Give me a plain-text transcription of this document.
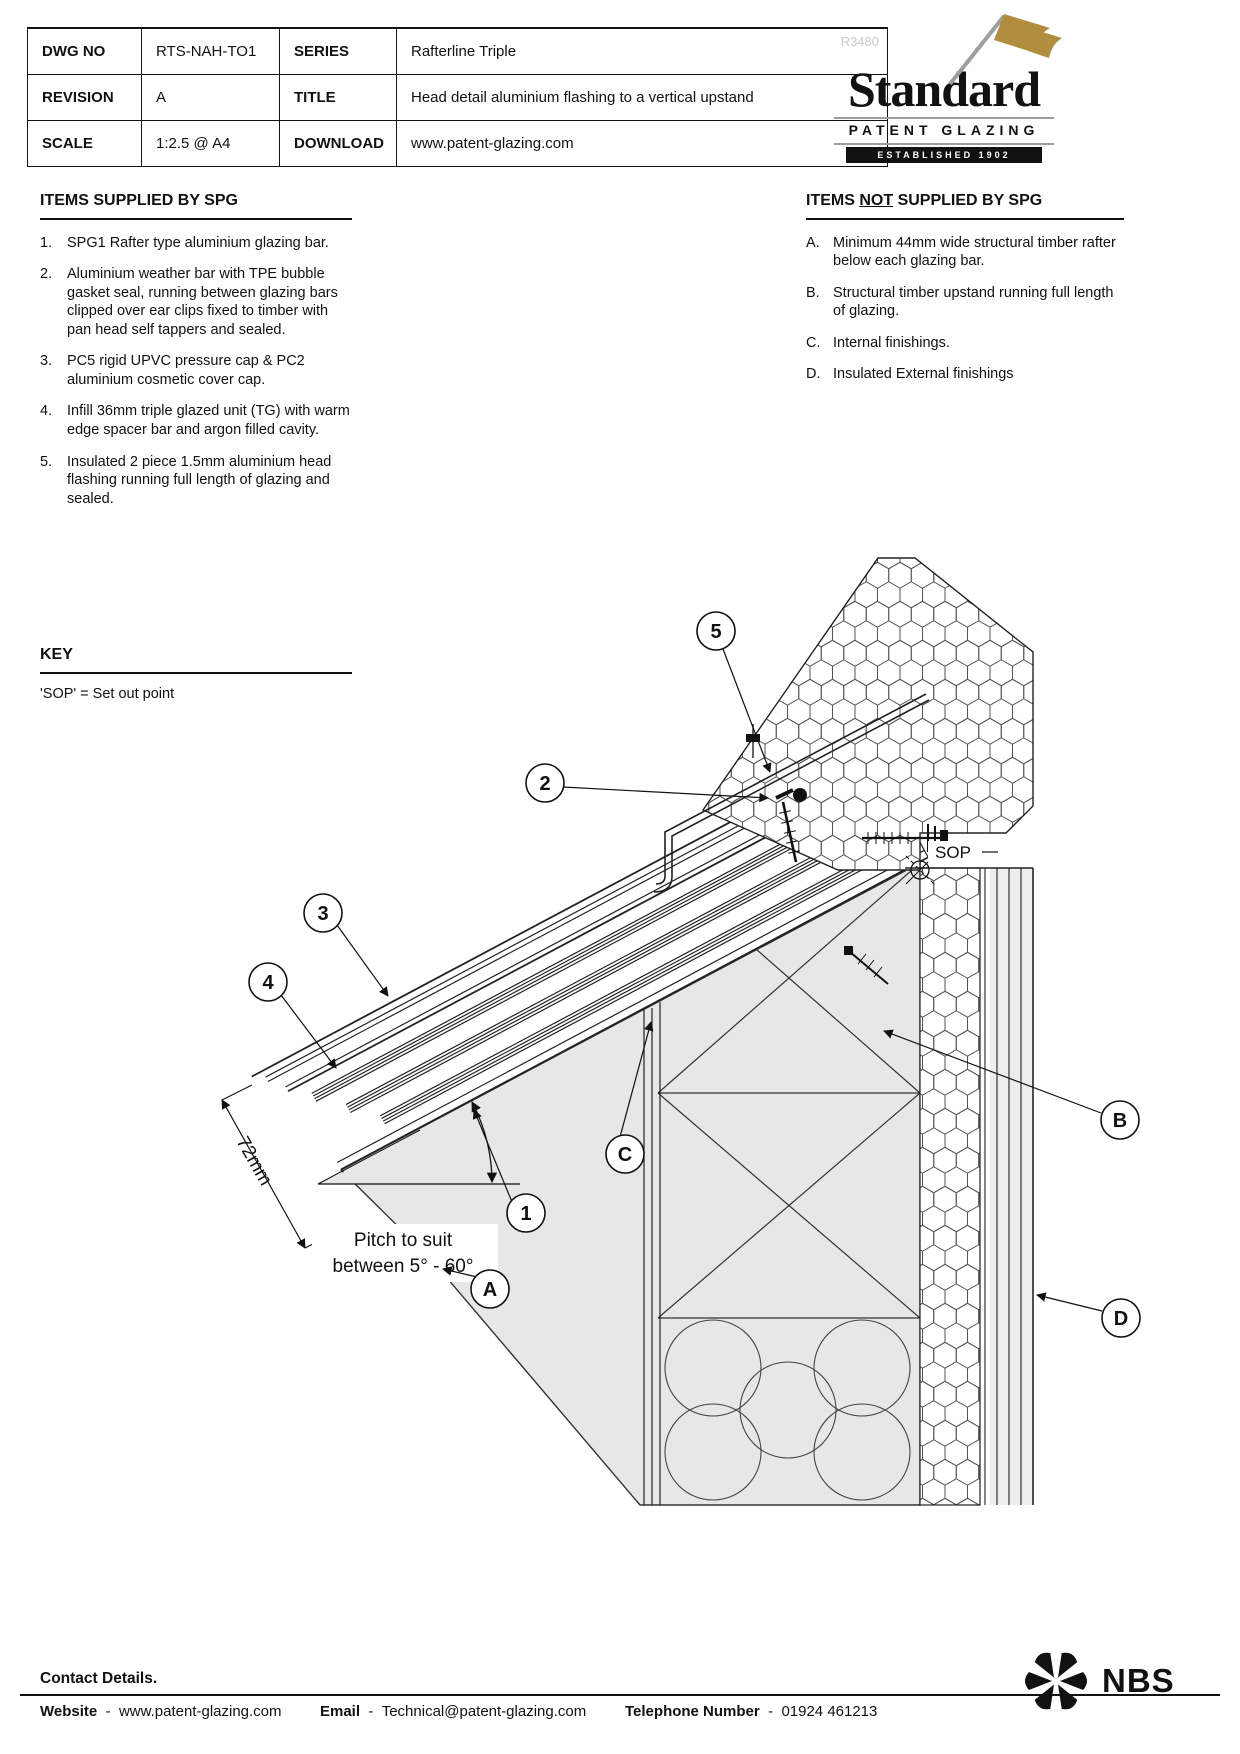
R3480
DWG NO	RTS-NAH-TO1	SERIES	Rafterline Triple
REVISION	A	TITLE	Head detail aluminium flashing to a vertical upstand
SCALE	1:2.5 @ A4	DOWNLOAD	www.patent-glazing.com
Standard
PATENT GLAZING
ESTABLISHED 1902
ITEMS SUPPLIED BY SPG
1.	SPG1 Rafter type aluminium glazing bar.
2.	Aluminium weather bar with TPE bubble gasket seal, running between glazing bars clipped over ear clips fixed to timber with pan head self tappers and sealed.
3.	PC5 rigid UPVC pressure cap & PC2 aluminium cosmetic cover cap.
4.	Infill 36mm triple glazed unit (TG) with warm edge spacer bar and argon filled cavity.
5.	Insulated 2 piece 1.5mm aluminium head flashing running full length of glazing and sealed.
ITEMS NOT SUPPLIED BY SPG
A. Minimum 44mm wide structural timber rafter below each glazing bar.
B. Structural timber upstand running full length of glazing.
C. Internal finishings.
D. Insulated External finishings
KEY
'SOP' = Set out point
SOP
72mm
Pitch to suit
between 5° - 60°
5
2
3
4
1
C
B
D
A
Contact Details.
Website - www.patent-glazing.com	Email - Technical@patent-glazing.com	Telephone Number - 01924 461213
NBS
